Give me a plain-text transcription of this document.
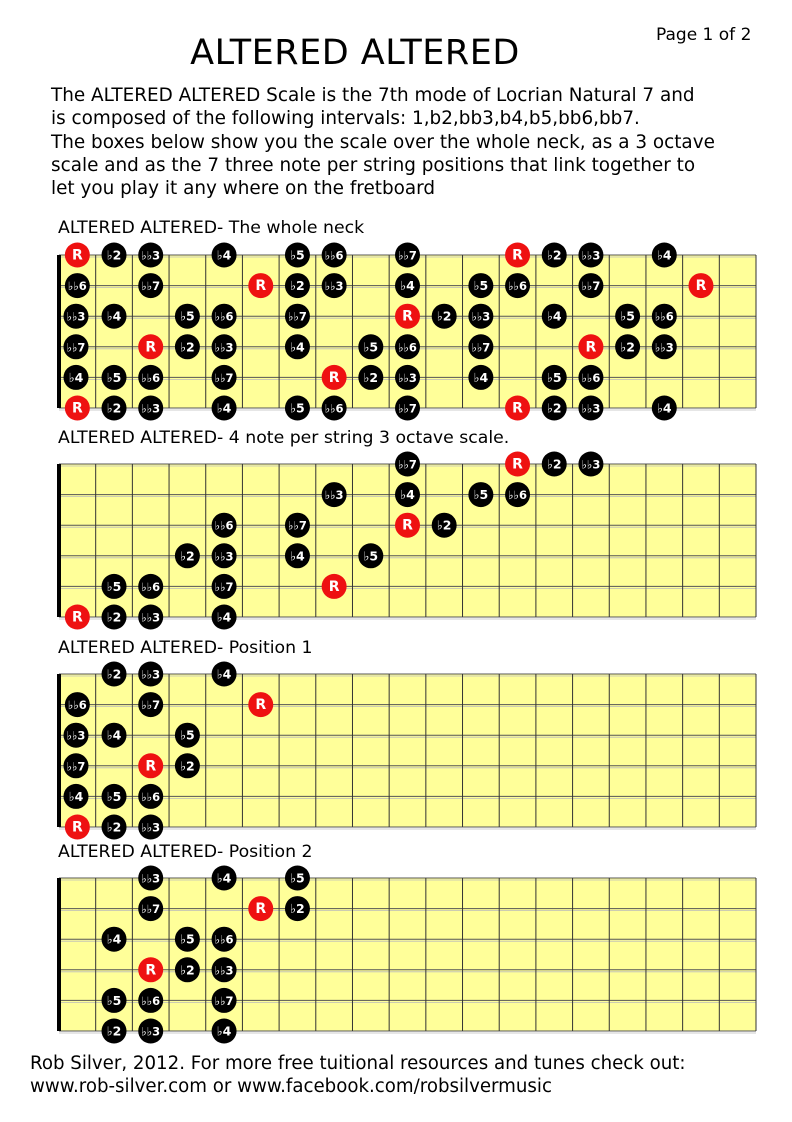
Page 1 of 2
ALTERED ALTERED
The ALTERED ALTERED Scale is the 7th mode of Locrian Natural 7 and
is composed of the following intervals: 1,b2,bb3,b4,b5,bb6,bb7.
The boxes below show you the scale over the whole neck, as a 3 octave
scale and as the 7 three note per string positions that link together to
let you play it any where on the fretboard
ALTERED ALTERED- The whole neck
R ♭2 ♭♭3	♭4	♭5 ♭♭6	♭♭7	R ♭2 ♭♭3	♭4
♭♭6	♭♭7	R ♭2 ♭♭3	♭4	♭5 ♭♭6	♭♭7	R
♭♭3 ♭4	♭5 ♭♭6	♭♭7	R ♭2 ♭♭3	♭4	♭5 ♭♭6
♭♭7	R ♭2 ♭♭3	♭4	♭5 ♭♭6	♭♭7	R ♭2 ♭♭3
♭4 ♭5 ♭♭6	♭♭7	R ♭2 ♭♭3	♭4	♭5 ♭♭6
R ♭2 ♭♭3	♭4	♭5 ♭♭6	♭♭7	R ♭2 ♭♭3	♭4
ALTERED ALTERED- 4 note per string 3 octave scale.
♭♭7	R ♭2 ♭♭3
♭♭3	♭4	♭5 ♭♭6
♭♭6	♭♭7	R ♭2
♭2 ♭♭3	♭4	♭5
♭5 ♭♭6	♭♭7	R
R ♭2 ♭♭3	♭4
ALTERED ALTERED- Position 1
♭2 ♭♭3	♭4
♭♭6	♭♭7	R
♭♭3 ♭4	♭5
♭♭7	R ♭2
♭4 ♭5 ♭♭6
R ♭2 ♭♭3
ALTERED ALTERED- Position 2
♭♭3	♭4	♭5
♭♭7	R ♭2
♭4	♭5 ♭♭6
R ♭2 ♭♭3
♭5 ♭♭6	♭♭7
♭2 ♭♭3	♭4
Rob Silver, 2012. For more free tuitional resources and tunes check out:
www.rob-silver.com or www.facebook.com/robsilvermusic
